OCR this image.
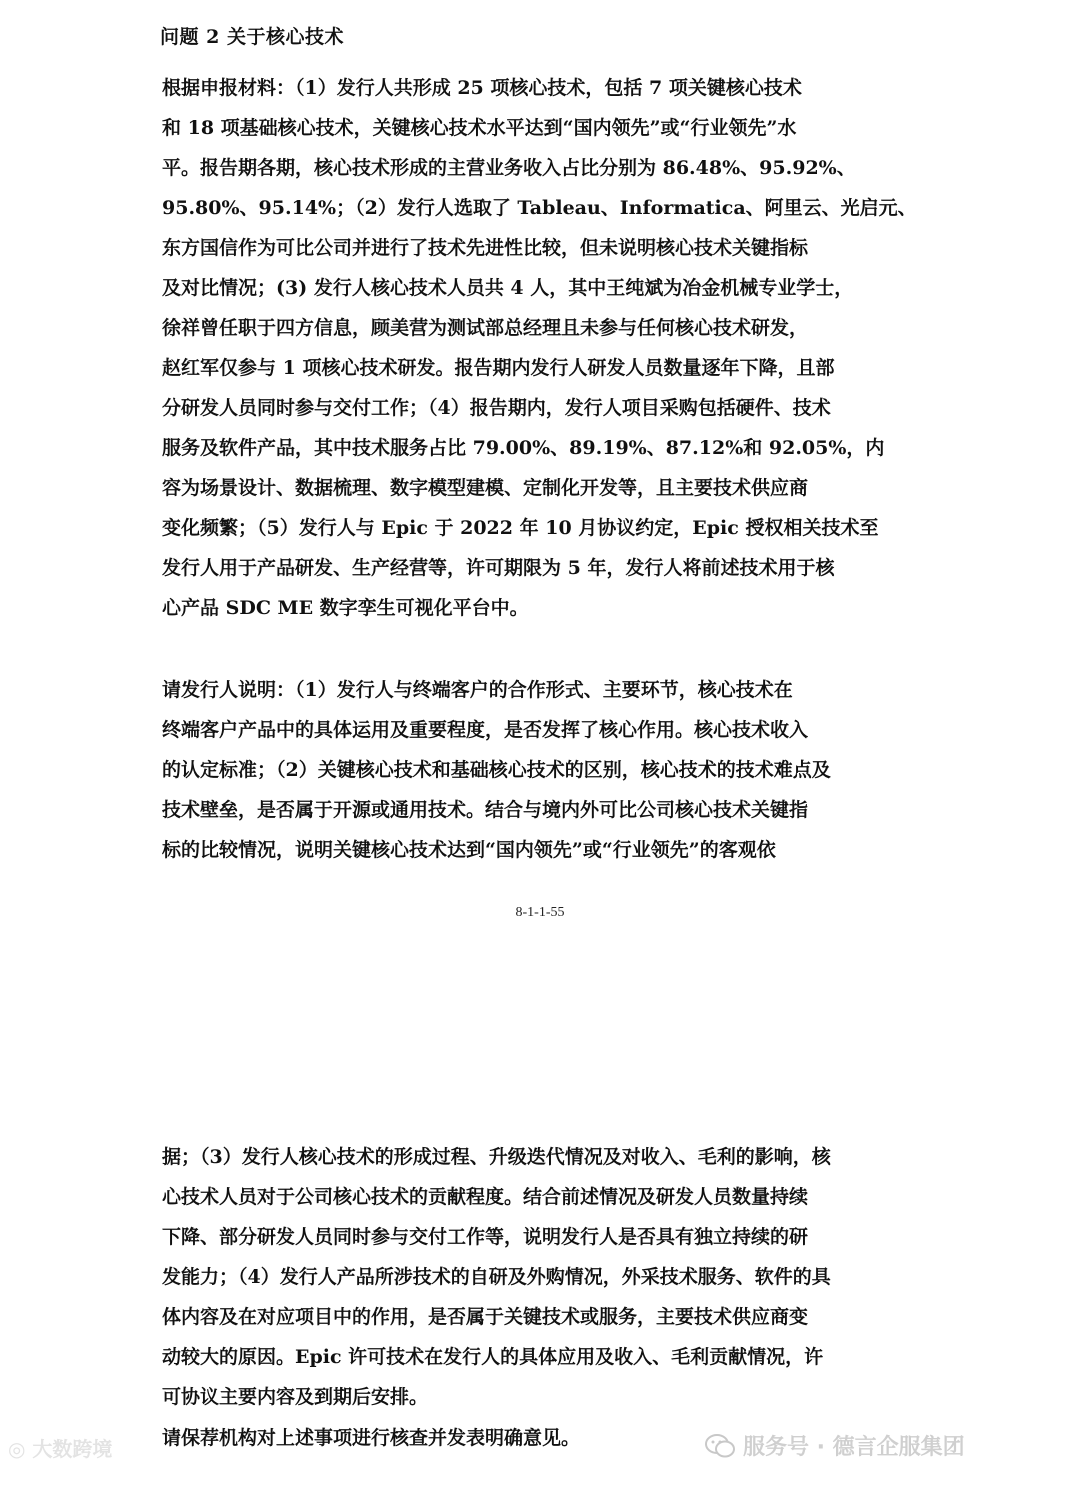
问题 2 关于核心技术
根据申报材料：（1）发行人共形成 25 项核心技术，包括 7 项关键核心技术
和 18 项基础核心技术，关键核心技术水平达到“国内领先”或“行业领先”水
平。报告期各期，核心技术形成的主营业务收入占比分别为 86.48%、95.92%、
95.80%、95.14%；（2）发行人选取了 Tableau、Informatica、阿里云、光启元、
东方国信作为可比公司并进行了技术先进性比较，但未说明核心技术关键指标
及对比情况；(3) 发行人核心技术人员共 4 人，其中王纯斌为冶金机械专业学士，
徐祥曾任职于四方信息，顾美营为测试部总经理且未参与任何核心技术研发，
赵红军仅参与 1 项核心技术研发。报告期内发行人研发人员数量逐年下降，且部
分研发人员同时参与交付工作；（4）报告期内，发行人项目采购包括硬件、技术
服务及软件产品，其中技术服务占比 79.00%、89.19%、87.12%和 92.05%，内
容为场景设计、数据梳理、数字模型建模、定制化开发等，且主要技术供应商
变化频繁；（5）发行人与 Epic 于 2022 年 10 月协议约定，Epic 授权相关技术至
发行人用于产品研发、生产经营等，许可期限为 5 年，发行人将前述技术用于核
心产品 SDC ME 数字孪生可视化平台中。
请发行人说明：（1）发行人与终端客户的合作形式、主要环节，核心技术在
终端客户产品中的具体运用及重要程度，是否发挥了核心作用。核心技术收入
的认定标准；（2）关键核心技术和基础核心技术的区别，核心技术的技术难点及
技术壁垒，是否属于开源或通用技术。结合与境内外可比公司核心技术关键指
标的比较情况，说明关键核心技术达到“国内领先”或“行业领先”的客观依
8-1-1-55
据；（3）发行人核心技术的形成过程、升级迭代情况及对收入、毛利的影响，核
心技术人员对于公司核心技术的贡献程度。结合前述情况及研发人员数量持续
下降、部分研发人员同时参与交付工作等，说明发行人是否具有独立持续的研
发能力；（4）发行人产品所涉技术的自研及外购情况，外采技术服务、软件的具
体内容及在对应项目中的作用，是否属于关键技术或服务，主要技术供应商变
动较大的原因。Epic 许可技术在发行人的具体应用及收入、毛利贡献情况，许
可协议主要内容及到期后安排。
请保荐机构对上述事项进行核查并发表明确意见。
◎ 大数跨境	服务号 · 德言企服集团
